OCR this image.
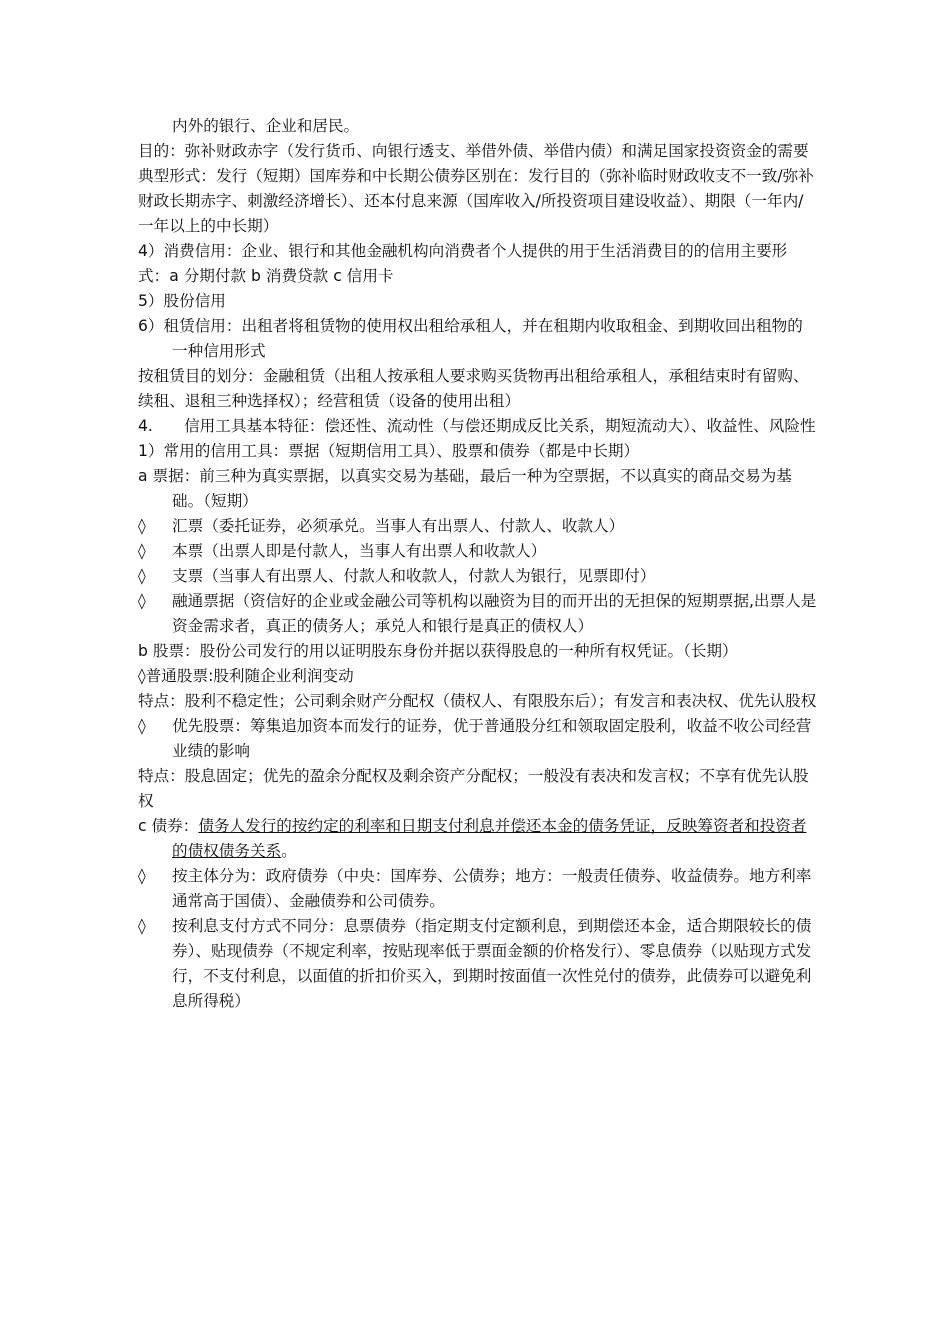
内外的银行、企业和居民。

目的：弥补财政赤字（发行货币、向银行透支、举借外债、举借内债）和满足国家投资资金的需要

典型形式：发行（短期）国库券和中长期公债券区别在：发行目的（弥补临时财政收支不一致/弥补财政长期赤字、刺激经济增长）、还本付息来源（国库收入/所投资项目建设收益）、期限（一年内/一年以上的中长期）

4）消费信用：企业、银行和其他金融机构向消费者个人提供的用于生活消费目的的信用主要形式：a 分期付款 b 消费贷款 c 信用卡

5）股份信用

6）租赁信用：出租者将租赁物的使用权出租给承租人，并在租期内收取租金、到期收回出租物的一种信用形式

按租赁目的划分：金融租赁（出租人按承租人要求购买货物再出租给承租人，承租结束时有留购、续租、退租三种选择权）；经营租赁（设备的使用出租）

4.　　信用工具基本特征：偿还性、流动性（与偿还期成反比关系，期短流动大）、收益性、风险性

1）常用的信用工具：票据（短期信用工具）、股票和债券（都是中长期）

a 票据：前三种为真实票据，以真实交易为基础，最后一种为空票据，不以真实的商品交易为基础。（短期）

◊ 汇票（委托证券，必须承兑。当事人有出票人、付款人、收款人）

◊ 本票（出票人即是付款人，当事人有出票人和收款人）

◊ 支票（当事人有出票人、付款人和收款人，付款人为银行，见票即付）

◊ 融通票据（资信好的企业或金融公司等机构以融资为目的而开出的无担保的短期票据,出票人是资金需求者，真正的债务人；承兑人和银行是真正的债权人）

b 股票：股份公司发行的用以证明股东身份并据以获得股息的一种所有权凭证。（长期）

◊普通股票:股利随企业利润变动

特点：股利不稳定性；公司剩余财产分配权（债权人、有限股东后）；有发言和表决权、优先认股权

◊ 优先股票：筹集追加资本而发行的证券，优于普通股分红和领取固定股利，收益不收公司经营业绩的影响

特点：股息固定；优先的盈余分配权及剩余资产分配权；一般没有表决和发言权；不享有优先认股权

c 债券：债务人发行的按约定的利率和日期支付利息并偿还本金的债务凭证，反映筹资者和投资者的债权债务关系。

◊ 按主体分为：政府债券（中央：国库券、公债券；地方：一般责任债券、收益债券。地方利率通常高于国债）、金融债券和公司债券。

◊ 按利息支付方式不同分：息票债券（指定期支付定额利息，到期偿还本金，适合期限较长的债券）、贴现债券（不规定利率，按贴现率低于票面金额的价格发行）、零息债券（以贴现方式发行，不支付利息，以面值的折扣价买入，到期时按面值一次性兑付的债券，此债券可以避免利息所得税）
